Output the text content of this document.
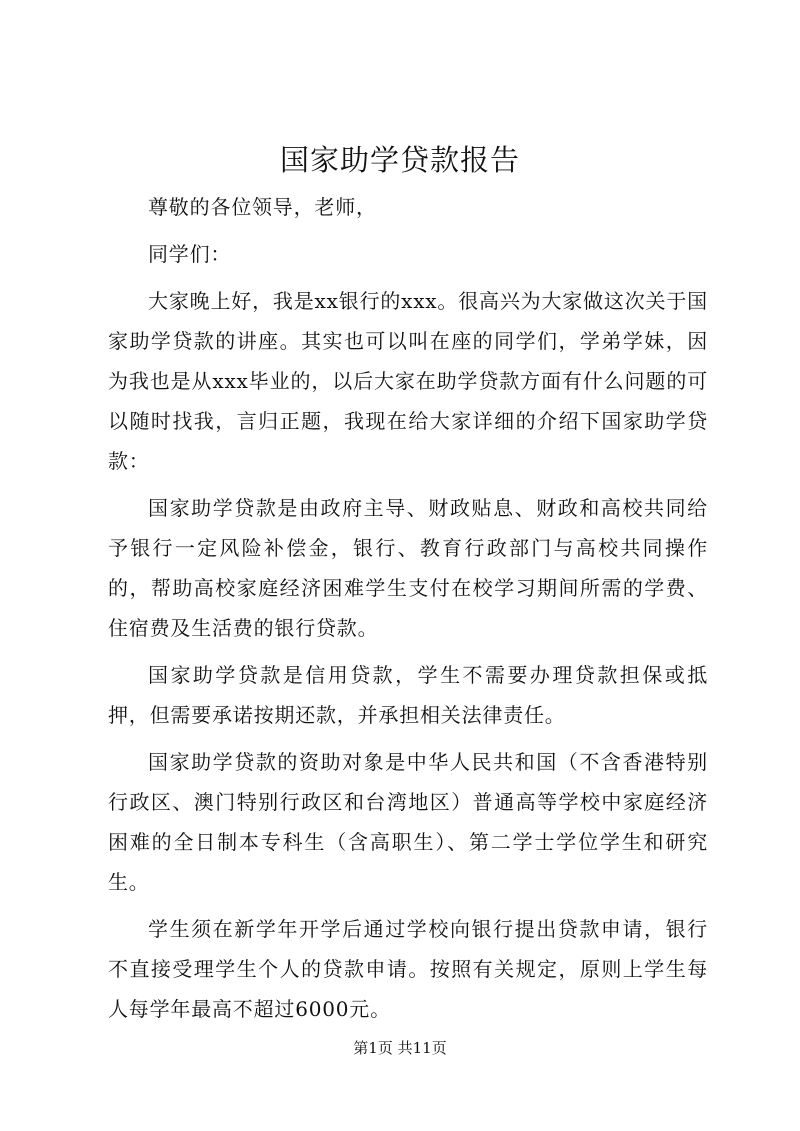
国家助学贷款报告

尊敬的各位领导，老师，

同学们：

大家晚上好，我是xx银行的xxx。很高兴为大家做这次关于国家助学贷款的讲座。其实也可以叫在座的同学们，学弟学妹，因为我也是从xxx毕业的，以后大家在助学贷款方面有什么问题的可以随时找我，言归正题，我现在给大家详细的介绍下国家助学贷款：

国家助学贷款是由政府主导、财政贴息、财政和高校共同给予银行一定风险补偿金，银行、教育行政部门与高校共同操作的，帮助高校家庭经济困难学生支付在校学习期间所需的学费、住宿费及生活费的银行贷款。

国家助学贷款是信用贷款，学生不需要办理贷款担保或抵押，但需要承诺按期还款，并承担相关法律责任。

国家助学贷款的资助对象是中华人民共和国（不含香港特别行政区、澳门特别行政区和台湾地区）普通高等学校中家庭经济困难的全日制本专科生（含高职生）、第二学士学位学生和研究生。

学生须在新学年开学后通过学校向银行提出贷款申请，银行不直接受理学生个人的贷款申请。按照有关规定，原则上学生每人每学年最高不超过6000元。

第1页 共11页
